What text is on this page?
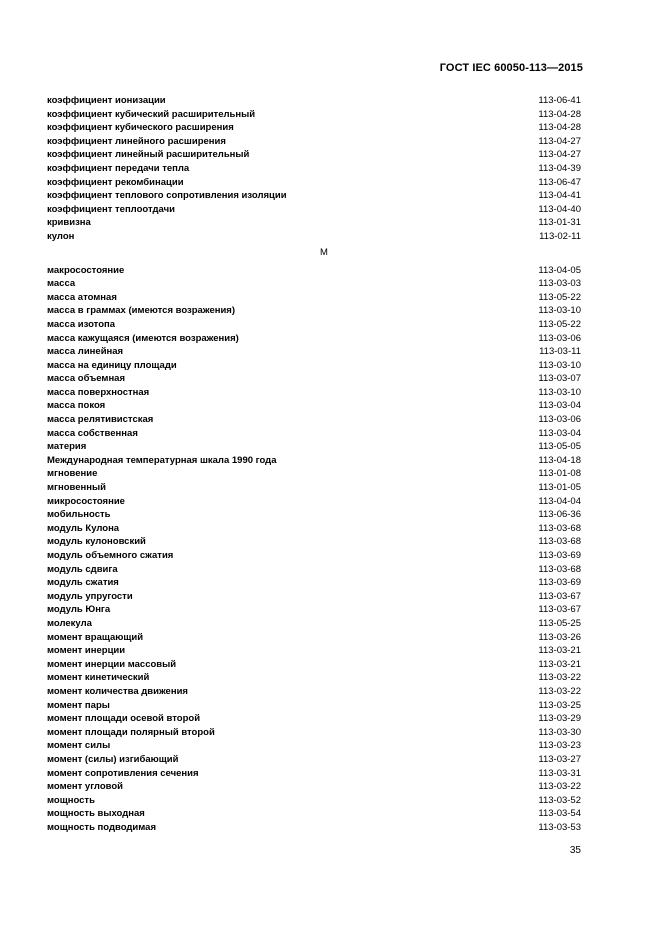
ГОСТ IEC 60050-113—2015
коэффициент ионизации	113-06-41
коэффициент кубический расширительный	113-04-28
коэффициент кубического расширения	113-04-28
коэффициент линейного расширения	113-04-27
коэффициент линейный расширительный	113-04-27
коэффициент передачи тепла	113-04-39
коэффициент рекомбинации	113-06-47
коэффициент теплового сопротивления изоляции	113-04-41
коэффициент теплоотдачи	113-04-40
кривизна	113-01-31
кулон	113-02-11
М
макросостояние	113-04-05
масса	113-03-03
масса атомная	113-05-22
масса в граммах (имеются возражения)	113-03-10
масса изотопа	113-05-22
масса кажущаяся (имеются возражения)	113-03-06
масса линейная	113-03-11
масса на единицу площади	113-03-10
масса объемная	113-03-07
масса поверхностная	113-03-10
масса покоя	113-03-04
масса релятивистская	113-03-06
масса собственная	113-03-04
материя	113-05-05
Международная температурная шкала 1990 года	113-04-18
мгновение	113-01-08
мгновенный	113-01-05
микросостояние	113-04-04
мобильность	113-06-36
модуль Кулона	113-03-68
модуль кулоновский	113-03-68
модуль объемного сжатия	113-03-69
модуль сдвига	113-03-68
модуль сжатия	113-03-69
модуль упругости	113-03-67
модуль Юнга	113-03-67
молекула	113-05-25
момент вращающий	113-03-26
момент инерции	113-03-21
момент инерции массовый	113-03-21
момент кинетический	113-03-22
момент количества движения	113-03-22
момент пары	113-03-25
момент площади осевой второй	113-03-29
момент площади полярный второй	113-03-30
момент силы	113-03-23
момент (силы) изгибающий	113-03-27
момент сопротивления сечения	113-03-31
момент угловой	113-03-22
мощность	113-03-52
мощность выходная	113-03-54
мощность подводимая	113-03-53
35
